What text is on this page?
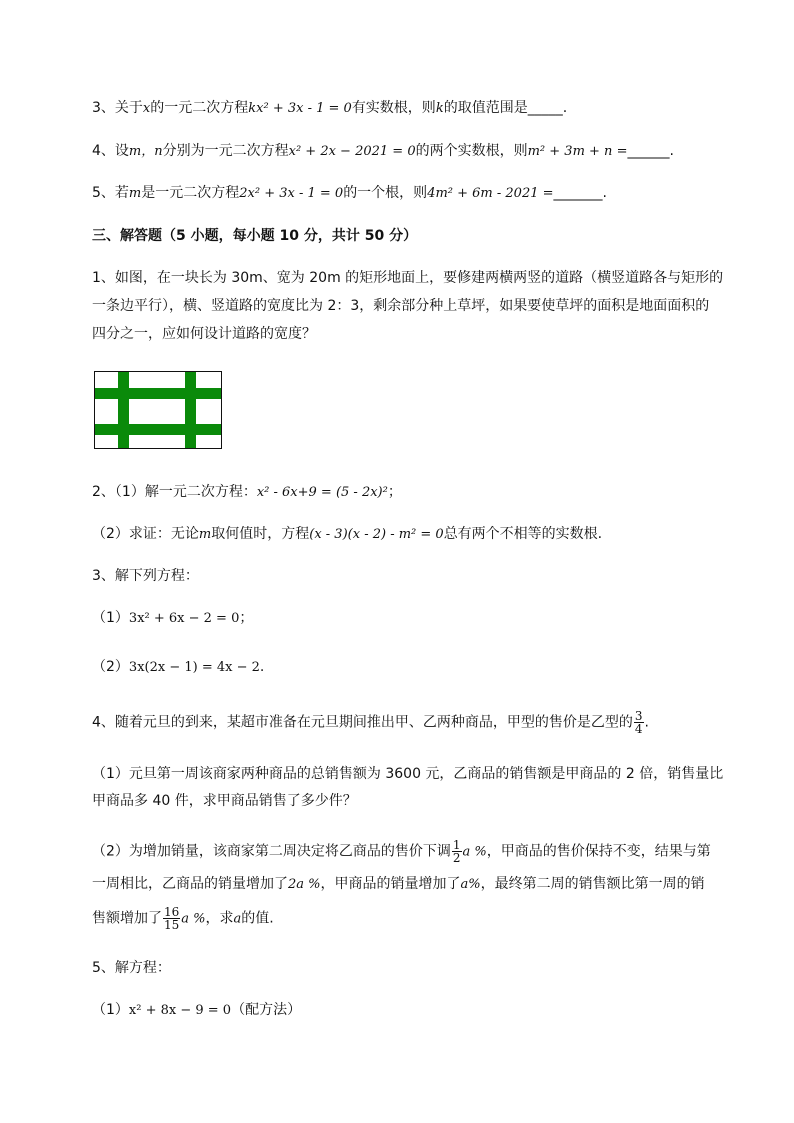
3、关于x的一元二次方程kx² + 3x - 1 = 0有实数根，则k的取值范围是_____.
4、设m，n分别为一元二次方程x² + 2x − 2021 = 0的两个实数根，则m² + 3m + n =______.
5、若m是一元二次方程2x² + 3x - 1 = 0的一个根，则4m² + 6m - 2021 =_______.
三、解答题（5 小题，每小题 10 分，共计 50 分）
1、如图，在一块长为 30m、宽为 20m 的矩形地面上，要修建两横两竖的道路（横竖道路各与矩形的
一条边平行），横、竖道路的宽度比为 2：3，剩余部分种上草坪，如果要使草坪的面积是地面面积的
四分之一，应如何设计道路的宽度？
2、（1）解一元二次方程：x² - 6x+9 = (5 - 2x)²；
（2）求证：无论m取何值时，方程(x - 3)(x - 2) - m² = 0总有两个不相等的实数根.
3、解下列方程：
（1）3x² + 6x − 2 = 0；
（2）3x(2x − 1) = 4x − 2.
4、随着元旦的到来，某超市准备在元旦期间推出甲、乙两种商品，甲型的售价是乙型的 $\frac{3}{4}$ .
（1）元旦第一周该商家两种商品的总销售额为 3600 元，乙商品的销售额是甲商品的 2 倍，销售量比
甲商品多 40 件，求甲商品销售了多少件？
（2）为增加销量，该商家第二周决定将乙商品的售价下调 $\frac{1}{2}$ a %，甲商品的售价保持不变，结果与第
一周相比，乙商品的销量增加了2a %，甲商品的销量增加了a%，最终第二周的销售额比第一周的销
售额增加了 $\frac{16}{15}$ a %，求a的值.
5、解方程：
（1）x² + 8x − 9 = 0（配方法）
